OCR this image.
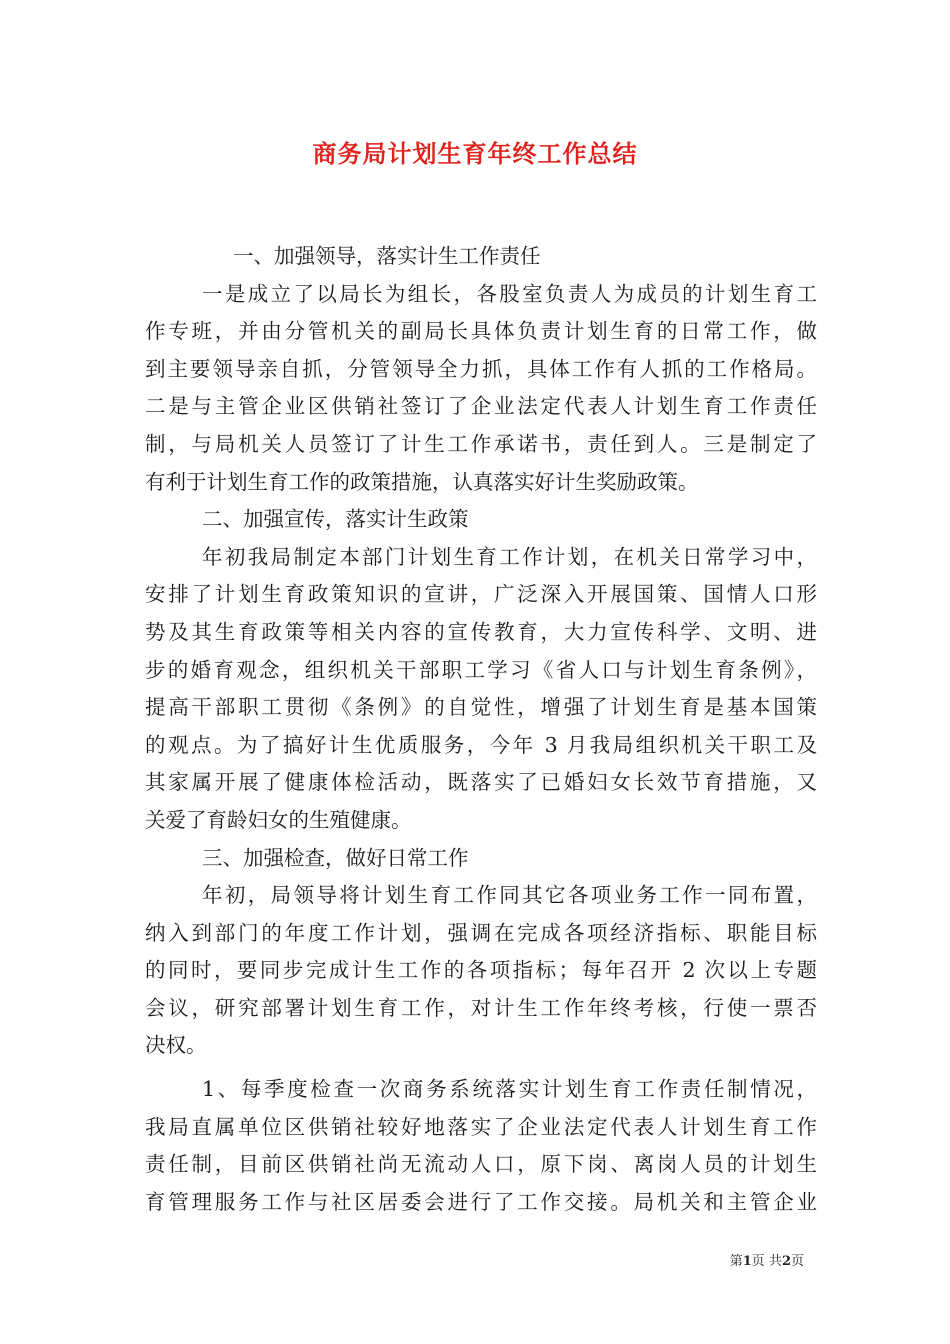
商务局计划生育年终工作总结
一、加强领导，落实计生工作责任
一是成立了以局长为组长，各股室负责人为成员的计划生育工
作专班，并由分管机关的副局长具体负责计划生育的日常工作，做
到主要领导亲自抓，分管领导全力抓，具体工作有人抓的工作格局。
二是与主管企业区供销社签订了企业法定代表人计划生育工作责任
制，与局机关人员签订了计生工作承诺书，责任到人。三是制定了
有利于计划生育工作的政策措施，认真落实好计生奖励政策。
二、加强宣传，落实计生政策
年初我局制定本部门计划生育工作计划，在机关日常学习中，
安排了计划生育政策知识的宣讲，广泛深入开展国策、国情人口形
势及其生育政策等相关内容的宣传教育，大力宣传科学、文明、进
步的婚育观念，组织机关干部职工学习《省人口与计划生育条例》，
提高干部职工贯彻《条例》的自觉性，增强了计划生育是基本国策
的观点。为了搞好计生优质服务，今年 3 月我局组织机关干职工及
其家属开展了健康体检活动，既落实了已婚妇女长效节育措施，又
关爱了育龄妇女的生殖健康。
三、加强检查，做好日常工作
年初，局领导将计划生育工作同其它各项业务工作一同布置，
纳入到部门的年度工作计划，强调在完成各项经济指标、职能目标
的同时，要同步完成计生工作的各项指标；每年召开 2 次以上专题
会议，研究部署计划生育工作，对计生工作年终考核，行使一票否
决权。
1、每季度检查一次商务系统落实计划生育工作责任制情况，
我局直属单位区供销社较好地落实了企业法定代表人计划生育工作
责任制，目前区供销社尚无流动人口，原下岗、离岗人员的计划生
育管理服务工作与社区居委会进行了工作交接。局机关和主管企业
第1页 共2页
